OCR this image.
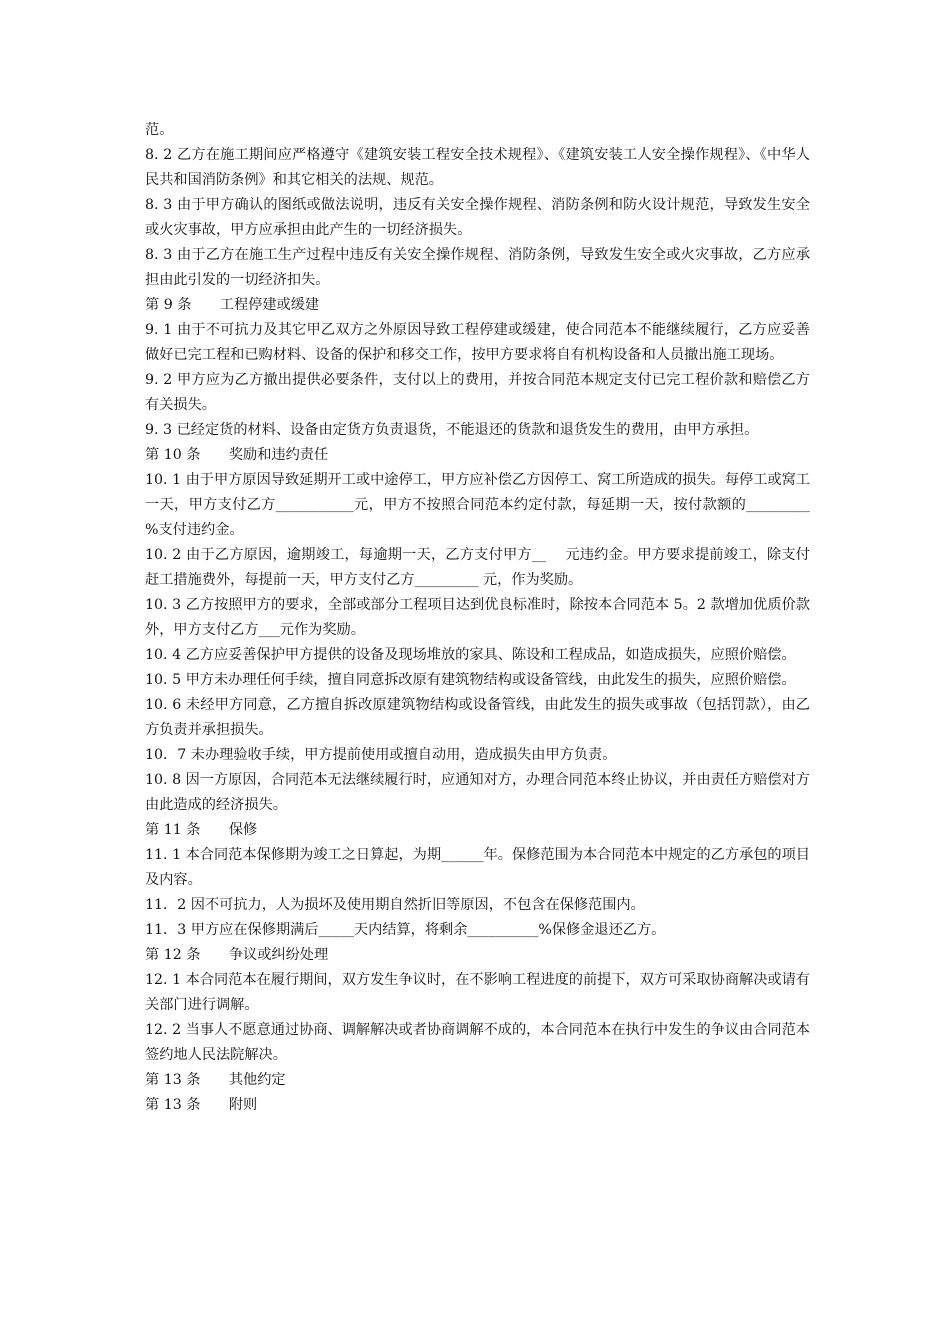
范。

8. 2 乙方在施工期间应严格遵守《建筑安装工程安全技术规程》、《建筑安装工人安全操作规程》、《中华人民共和国消防条例》和其它相关的法规、规范。

8. 3 由于甲方确认的图纸或做法说明，违反有关安全操作规程、消防条例和防火设计规范，导致发生安全或火灾事故，甲方应承担由此产生的一切经济损失。

8. 3 由于乙方在施工生产过程中违反有关安全操作规程、消防条例，导致发生安全或火灾事故，乙方应承担由此引发的一切经济扣失。

第 9 条　　工程停建或缓建

9. 1 由于不可抗力及其它甲乙双方之外原因导致工程停建或缓建，使合同范本不能继续履行，乙方应妥善做好已完工程和已购材料、设备的保护和移交工作，按甲方要求将自有机构设备和人员撤出施工现场。

9. 2 甲方应为乙方撤出提供必要条件，支付以上的费用，并按合同范本规定支付已完工程价款和赔偿乙方有关损失。

9. 3 已经定货的材料、设备由定货方负责退货，不能退还的货款和退货发生的费用，由甲方承担。

第 10 条　　奖励和违约责任

10. 1 由于甲方原因导致延期开工或中途停工，甲方应补偿乙方因停工、窝工所造成的损失。每停工或窝工一天，甲方支付乙方___________元，甲方不按照合同范本约定付款，每延期一天，按付款额的_________　%支付违约金。

10. 2 由于乙方原因，逾期竣工，每逾期一天，乙方支付甲方__　 元违约金。甲方要求提前竣工，除支付赶工措施费外，每提前一天，甲方支付乙方_________ 元，作为奖励。

10. 3 乙方按照甲方的要求，全部或部分工程项目达到优良标准时，除按本合同范本 5。2 款增加优质价款外，甲方支付乙方___元作为奖励。

10. 4 乙方应妥善保护甲方提供的设备及现场堆放的家具、陈设和工程成品，如造成损失，应照价赔偿。

10. 5 甲方未办理任何手续，擅自同意拆改原有建筑物结构或设备管线，由此发生的损失，应照价赔偿。

10. 6 未经甲方同意，乙方擅自拆改原建筑物结构或设备管线，由此发生的损失或事故（包括罚款），由乙方负责并承担损失。

10．7 未办理验收手续，甲方提前使用或擅自动用，造成损失由甲方负责。

10. 8 因一方原因，合同范本无法继续履行时，应通知对方，办理合同范本终止协议，并由责任方赔偿对方由此造成的经济损失。

第 11 条　　保修

11. 1 本合同范本保修期为竣工之日算起，为期______年。保修范围为本合同范本中规定的乙方承包的项目及内容。

11．2 因不可抗力，人为损坏及使用期自然折旧等原因，不包含在保修范围内。

11．3 甲方应在保修期满后_____天内结算，将剩余__________%保修金退还乙方。

第 12 条　　争议或纠纷处理

12. 1 本合同范本在履行期间，双方发生争议时，在不影响工程进度的前提下，双方可采取协商解决或请有关部门进行调解。

12. 2 当事人不愿意通过协商、调解解决或者协商调解不成的，本合同范本在执行中发生的争议由合同范本签约地人民法院解决。

第 13 条　　其他约定

第 13 条　　附则
